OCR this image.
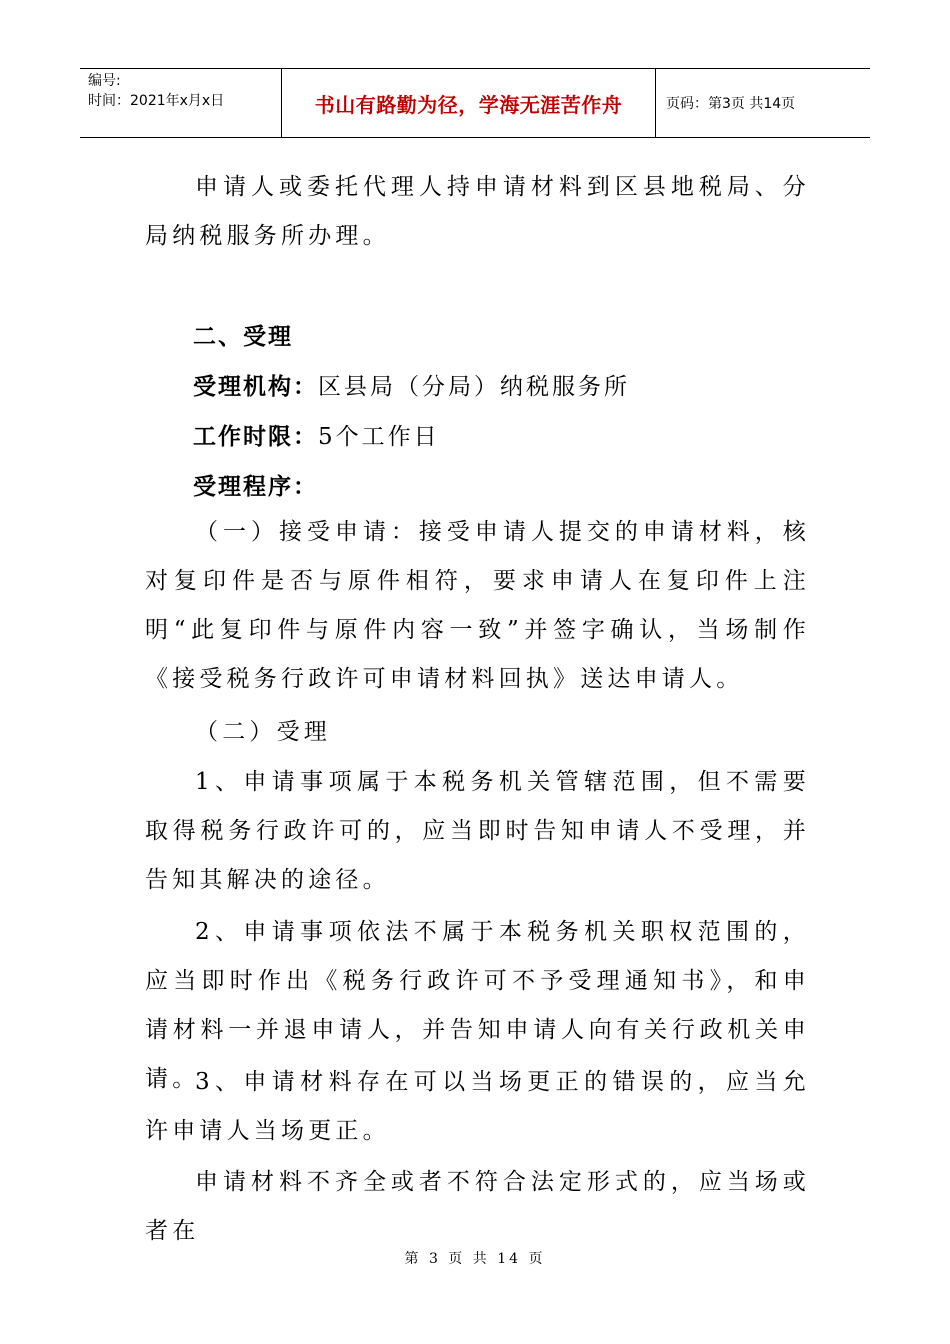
编号:
时间：2021年x月x日	书山有路勤为径，学海无涯苦作舟	页码：第3页 共14页

申请人或委托代理人持申请材料到区县地税局、分局纳税服务所办理。

二、受理
受理机构：区县局（分局）纳税服务所
工作时限：5个工作日
受理程序：

（一）接受申请：接受申请人提交的申请材料，核对复印件是否与原件相符，要求申请人在复印件上注明“此复印件与原件内容一致”并签字确认，当场制作《接受税务行政许可申请材料回执》送达申请人。

（二）受理

1、申请事项属于本税务机关管辖范围，但不需要取得税务行政许可的，应当即时告知申请人不受理，并告知其解决的途径。

2、申请事项依法不属于本税务机关职权范围的，应当即时作出《税务行政许可不予受理通知书》，和申请材料一并退申请人，并告知申请人向有关行政机关申请。

3、申请材料存在可以当场更正的错误的，应当允许申请人当场更正。

申请材料不齐全或者不符合法定形式的，应当场或者在

第 3 页 共 14 页
